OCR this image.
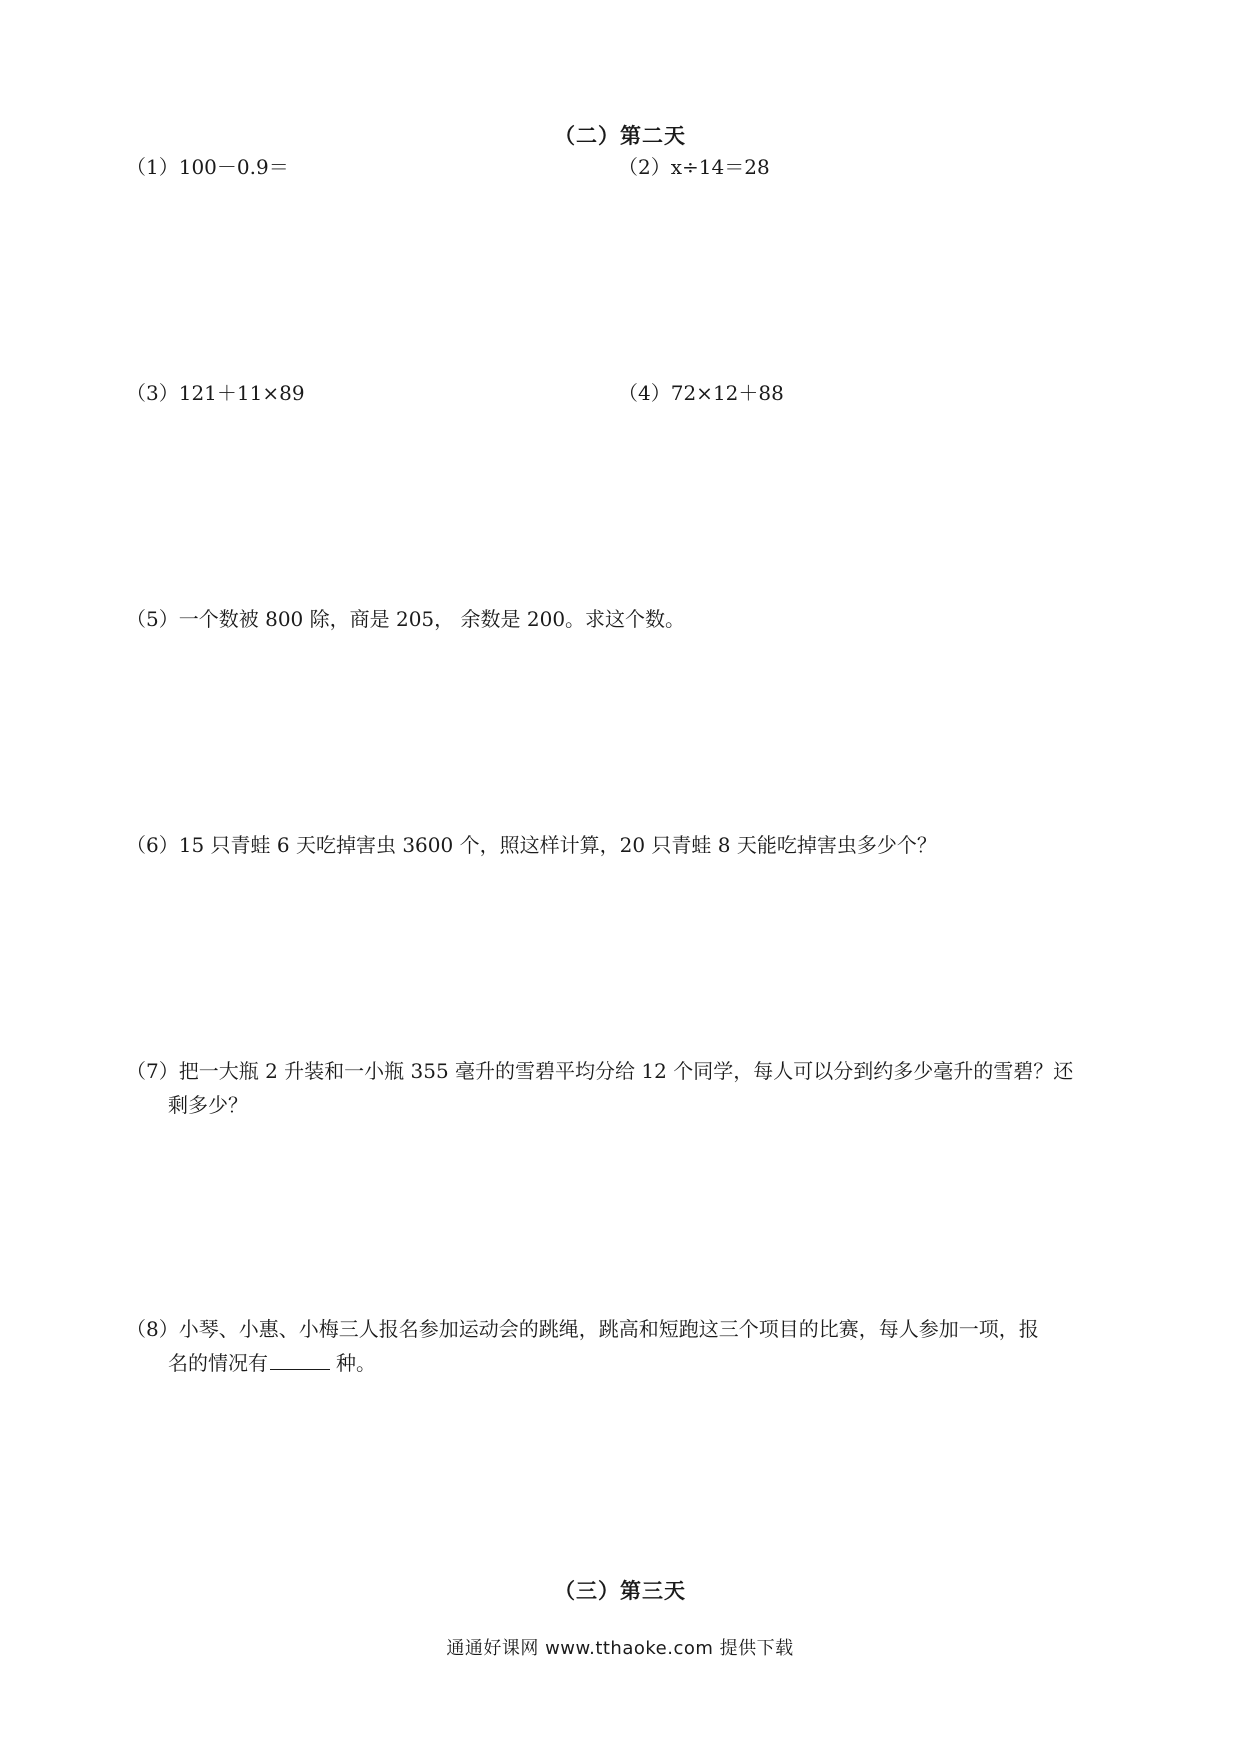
（二）第二天
（1）100－0.9＝	（2）x÷14＝28
（3）121＋11×89	（4）72×12＋88
（5）一个数被 800 除，商是 205， 余数是 200。求这个数。
（6）15 只青蛙 6 天吃掉害虫 3600 个，照这样计算，20 只青蛙 8 天能吃掉害虫多少个？
（7）把一大瓶 2 升装和一小瓶 355 毫升的雪碧平均分给 12 个同学，每人可以分到约多少毫升的雪碧？还
剩多少？
（8）小琴、小惠、小梅三人报名参加运动会的跳绳，跳高和短跑这三个项目的比赛，每人参加一项，报
名的情况有	种。
（三）第三天
通通好课网 www.tthaoke.com 提供下载
